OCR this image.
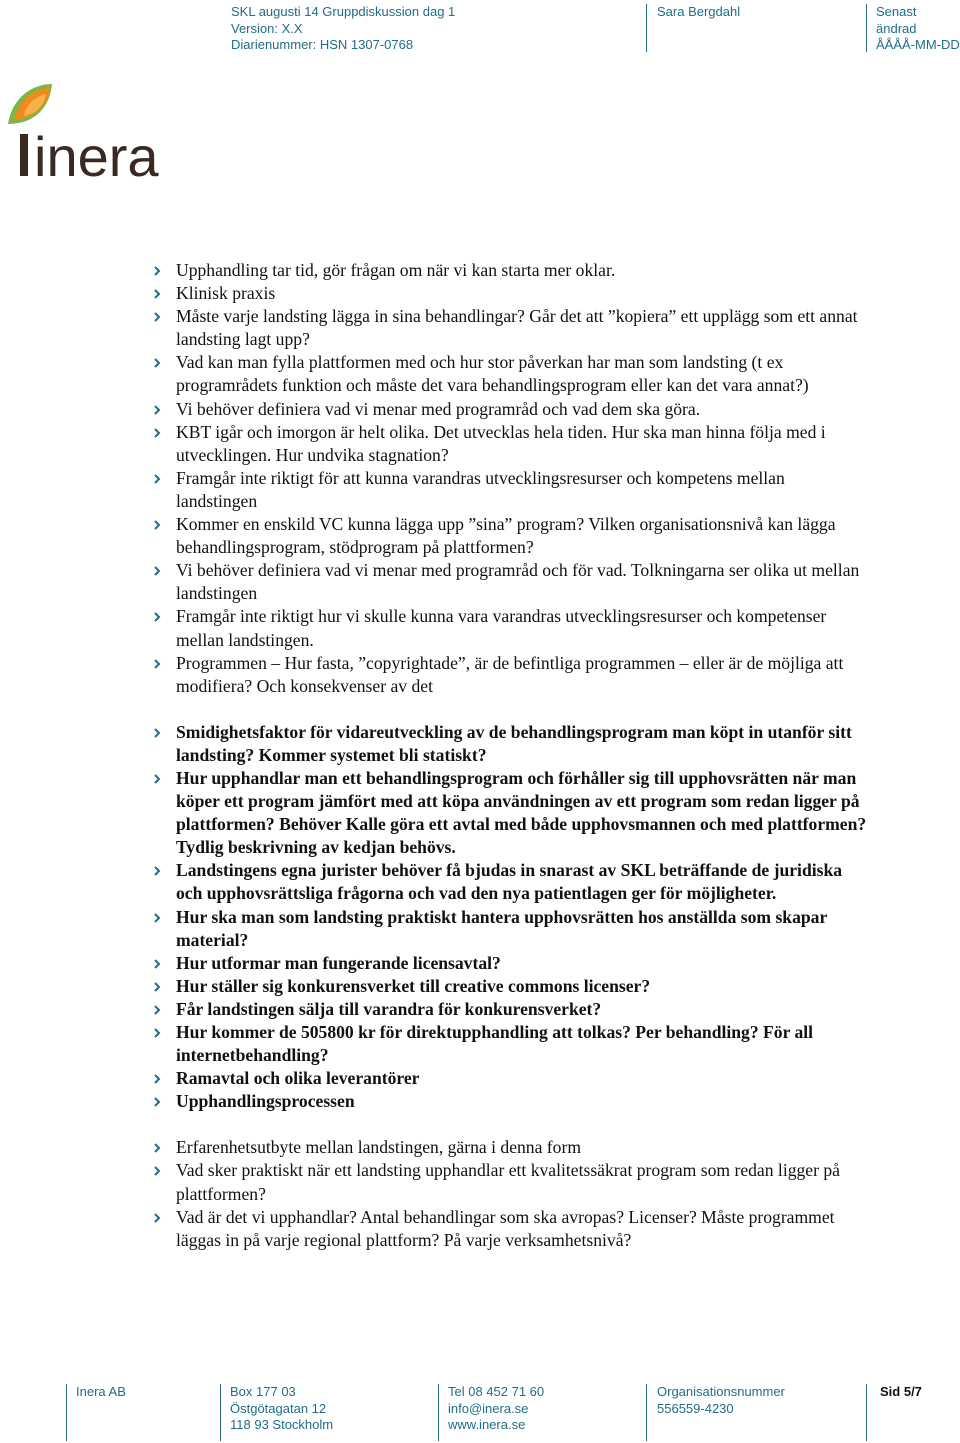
SKL augusti 14 Gruppdiskussion dag 1
Version: X.X
Diarienummer: HSN 1307-0768
Sara Bergdahl	Senast ändrad
ÅÅÅÅ-MM-DD
inera
Upphandling tar tid, gör frågan om när vi kan starta mer oklar.
Klinisk praxis
Måste varje landsting lägga in sina behandlingar? Går det att ”kopiera” ett upplägg som ett annat landsting lagt upp?
Vad kan man fylla plattformen med och hur stor påverkan har man som landsting (t ex programrådets funktion och måste det vara behandlingsprogram eller kan det vara annat?)
Vi behöver definiera vad vi menar med programråd och vad dem ska göra.
KBT igår och imorgon är helt olika. Det utvecklas hela tiden. Hur ska man hinna följa med i utvecklingen. Hur undvika stagnation?
Framgår inte riktigt för att kunna varandras utvecklingsresurser och kompetens mellan landstingen
Kommer en enskild VC kunna lägga upp ”sina” program? Vilken organisationsnivå kan lägga behandlingsprogram, stödprogram på plattformen?
Vi behöver definiera vad vi menar med programråd och för vad. Tolkningarna ser olika ut mellan landstingen
Framgår inte riktigt hur vi skulle kunna vara varandras utvecklingsresurser och kompetenser mellan landstingen.
Programmen – Hur fasta, ”copyrightade”, är de befintliga programmen – eller är de möjliga att modifiera? Och konsekvenser av det
Smidighetsfaktor för vidareutveckling av de behandlingsprogram man köpt in utanför sitt landsting? Kommer systemet bli statiskt?
Hur upphandlar man ett behandlingsprogram och förhåller sig till upphovsrätten när man köper ett program jämfört med att köpa användningen av ett program som redan ligger på plattformen? Behöver Kalle göra ett avtal med både upphovsmannen och med plattformen? Tydlig beskrivning av kedjan behövs.
Landstingens egna jurister behöver få bjudas in snarast av SKL beträffande de juridiska och upphovsrättsliga frågorna och vad den nya patientlagen ger för möjligheter.
Hur ska man som landsting praktiskt hantera upphovsrätten hos anställda som skapar material?
Hur utformar man fungerande licensavtal?
Hur ställer sig konkurensverket till creative commons licenser?
Får landstingen sälja till varandra för konkurensverket?
Hur kommer de 505800 kr för direktupphandling att tolkas? Per behandling? För all internetbehandling?
Ramavtal och olika leverantörer
Upphandlingsprocessen
Erfarenhetsutbyte mellan landstingen, gärna i denna form
Vad sker praktiskt när ett landsting upphandlar ett kvalitetssäkrat program som redan ligger på plattformen?
Vad är det vi upphandlar? Antal behandlingar som ska avropas? Licenser? Måste programmet läggas in på varje regional plattform? På varje verksamhetsnivå?
Inera AB	Box 177 03
Östgötagatan 12
118 93 Stockholm
Tel 08 452 71 60
info@inera.se
www.inera.se
Organisationsnummer
556559-4230
Sid 5/7
